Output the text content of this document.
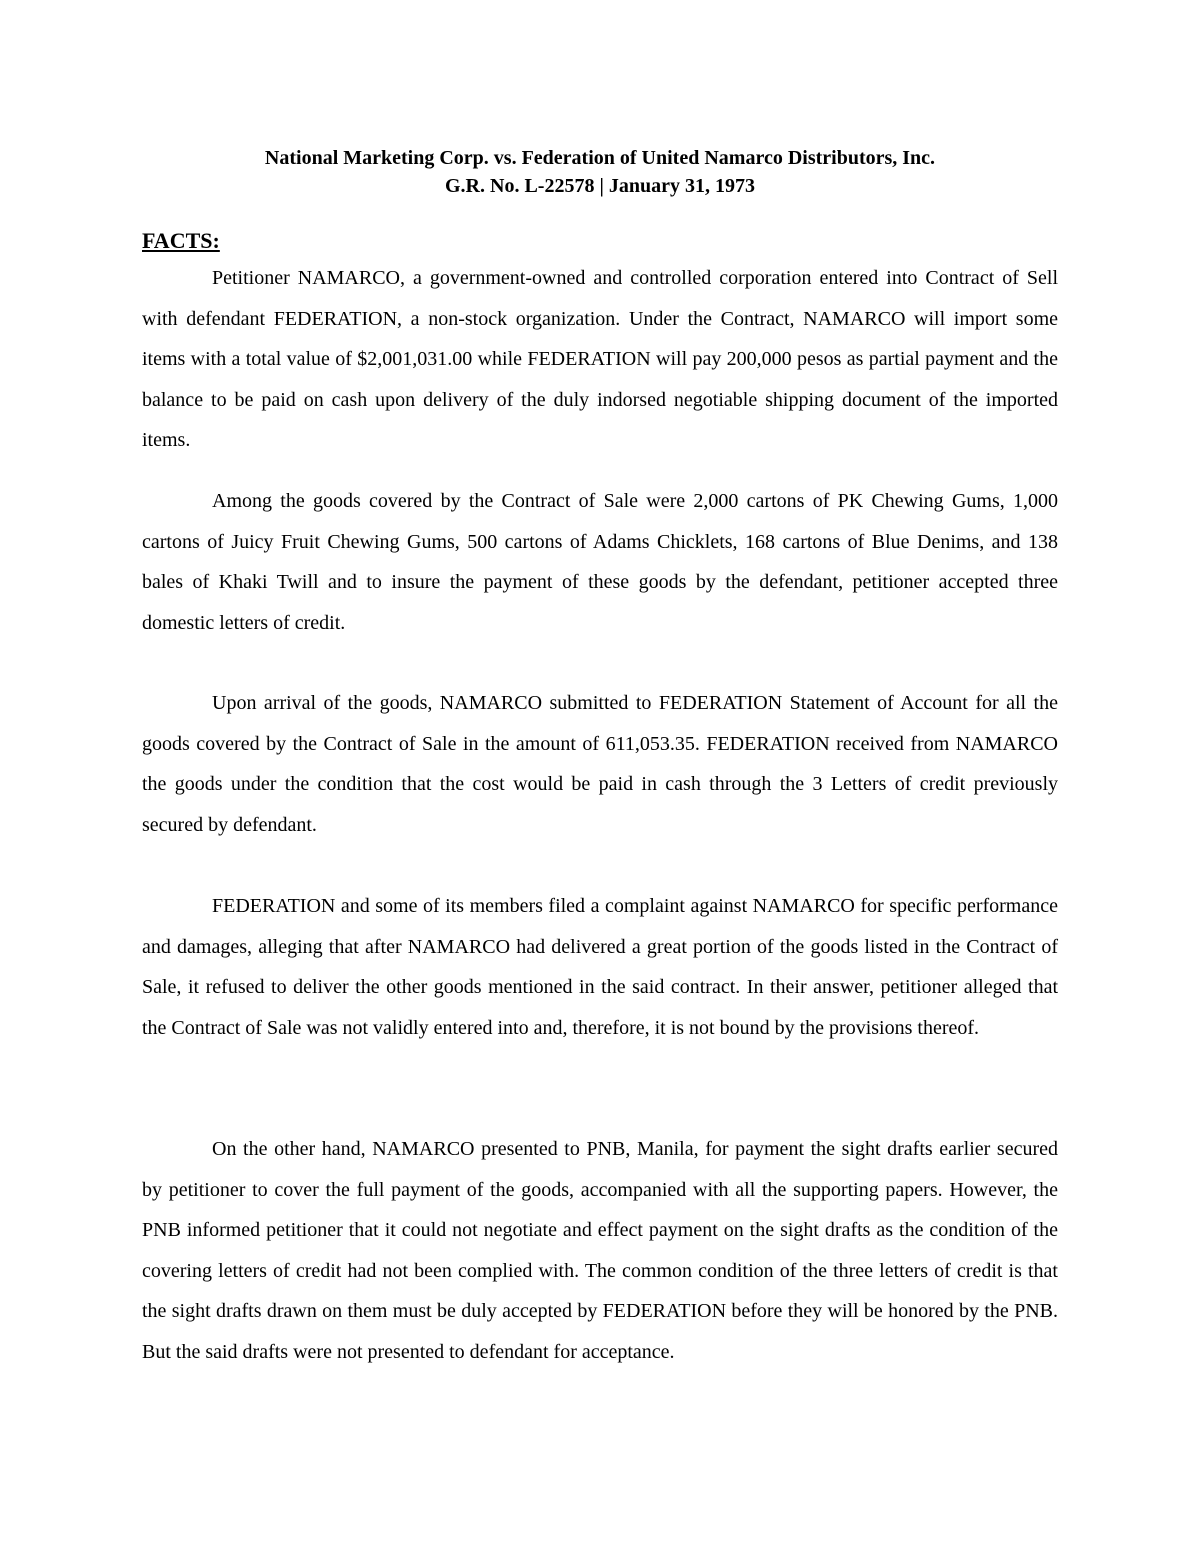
National Marketing Corp. vs. Federation of United Namarco Distributors, Inc.
G.R. No. L-22578 | January 31, 1973
FACTS:

Petitioner NAMARCO, a government-owned and controlled corporation entered into Contract of Sell with defendant FEDERATION, a non-stock organization. Under the Contract, NAMARCO will import some items with a total value of $2,001,031.00 while FEDERATION will pay 200,000 pesos as partial payment and the balance to be paid on cash upon delivery of the duly indorsed negotiable shipping document of the imported items.

Among the goods covered by the Contract of Sale were 2,000 cartons of PK Chewing Gums, 1,000 cartons of Juicy Fruit Chewing Gums, 500 cartons of Adams Chicklets, 168 cartons of Blue Denims, and 138 bales of Khaki Twill and to insure the payment of these goods by the defendant, petitioner accepted three domestic letters of credit.

Upon arrival of the goods, NAMARCO submitted to FEDERATION Statement of Account for all the goods covered by the Contract of Sale in the amount of 611,053.35. FEDERATION received from NAMARCO the goods under the condition that the cost would be paid in cash through the 3 Letters of credit previously secured by defendant.

FEDERATION and some of its members filed a complaint against NAMARCO for specific performance and damages, alleging that after NAMARCO had delivered a great portion of the goods listed in the Contract of Sale, it refused to deliver the other goods mentioned in the said contract. In their answer, petitioner alleged that the Contract of Sale was not validly entered into and, therefore, it is not bound by the provisions thereof.

On the other hand, NAMARCO presented to PNB, Manila, for payment the sight drafts earlier secured by petitioner to cover the full payment of the goods, accompanied with all the supporting papers. However, the PNB informed petitioner that it could not negotiate and effect payment on the sight drafts as the condition of the covering letters of credit had not been complied with. The common condition of the three letters of credit is that the sight drafts drawn on them must be duly accepted by FEDERATION before they will be honored by the PNB. But the said drafts were not presented to defendant for acceptance.
